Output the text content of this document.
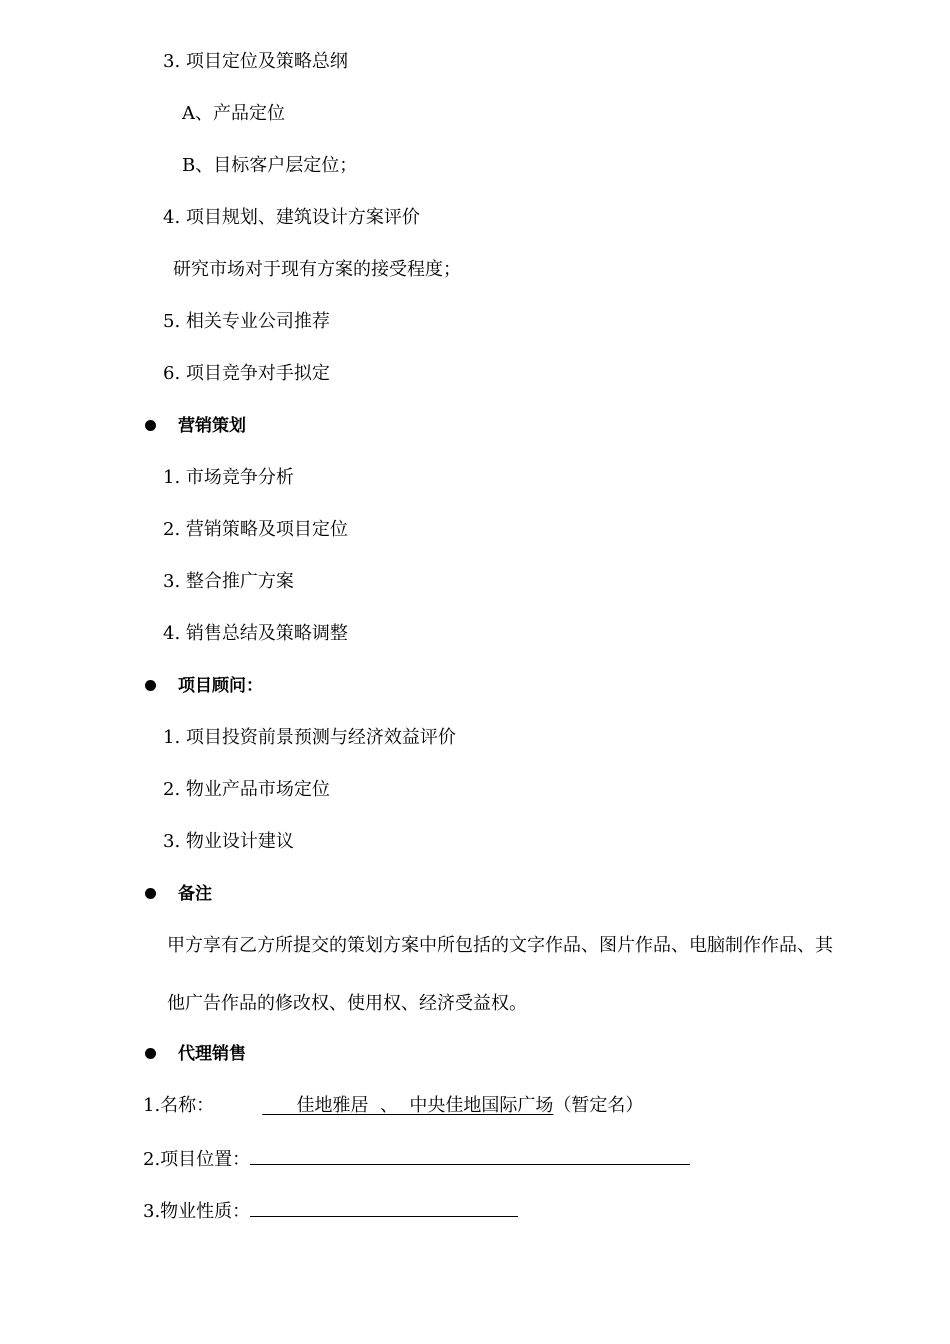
3. 项目定位及策略总纲

A、产品定位

B、目标客户层定位；

4. 项目规划、建筑设计方案评价

研究市场对于现有方案的接受程度；

5. 相关专业公司推荐

6. 项目竞争对手拟定

营销策划

1. 市场竞争分析

2. 营销策略及项目定位

3. 整合推广方案

4. 销售总结及策略调整

项目顾问：

1. 项目投资前景预测与经济效益评价

2. 物业产品市场定位

3. 物业设计建议

备注

甲方享有乙方所提交的策划方案中所包括的文字作品、图片作品、电脑制作作品、其

他广告作品的修改权、使用权、经济受益权。

代理销售

1.名称：	佳地雅居  、  中央佳地国际广场（暂定名）

2.项目位置：

3.物业性质：
